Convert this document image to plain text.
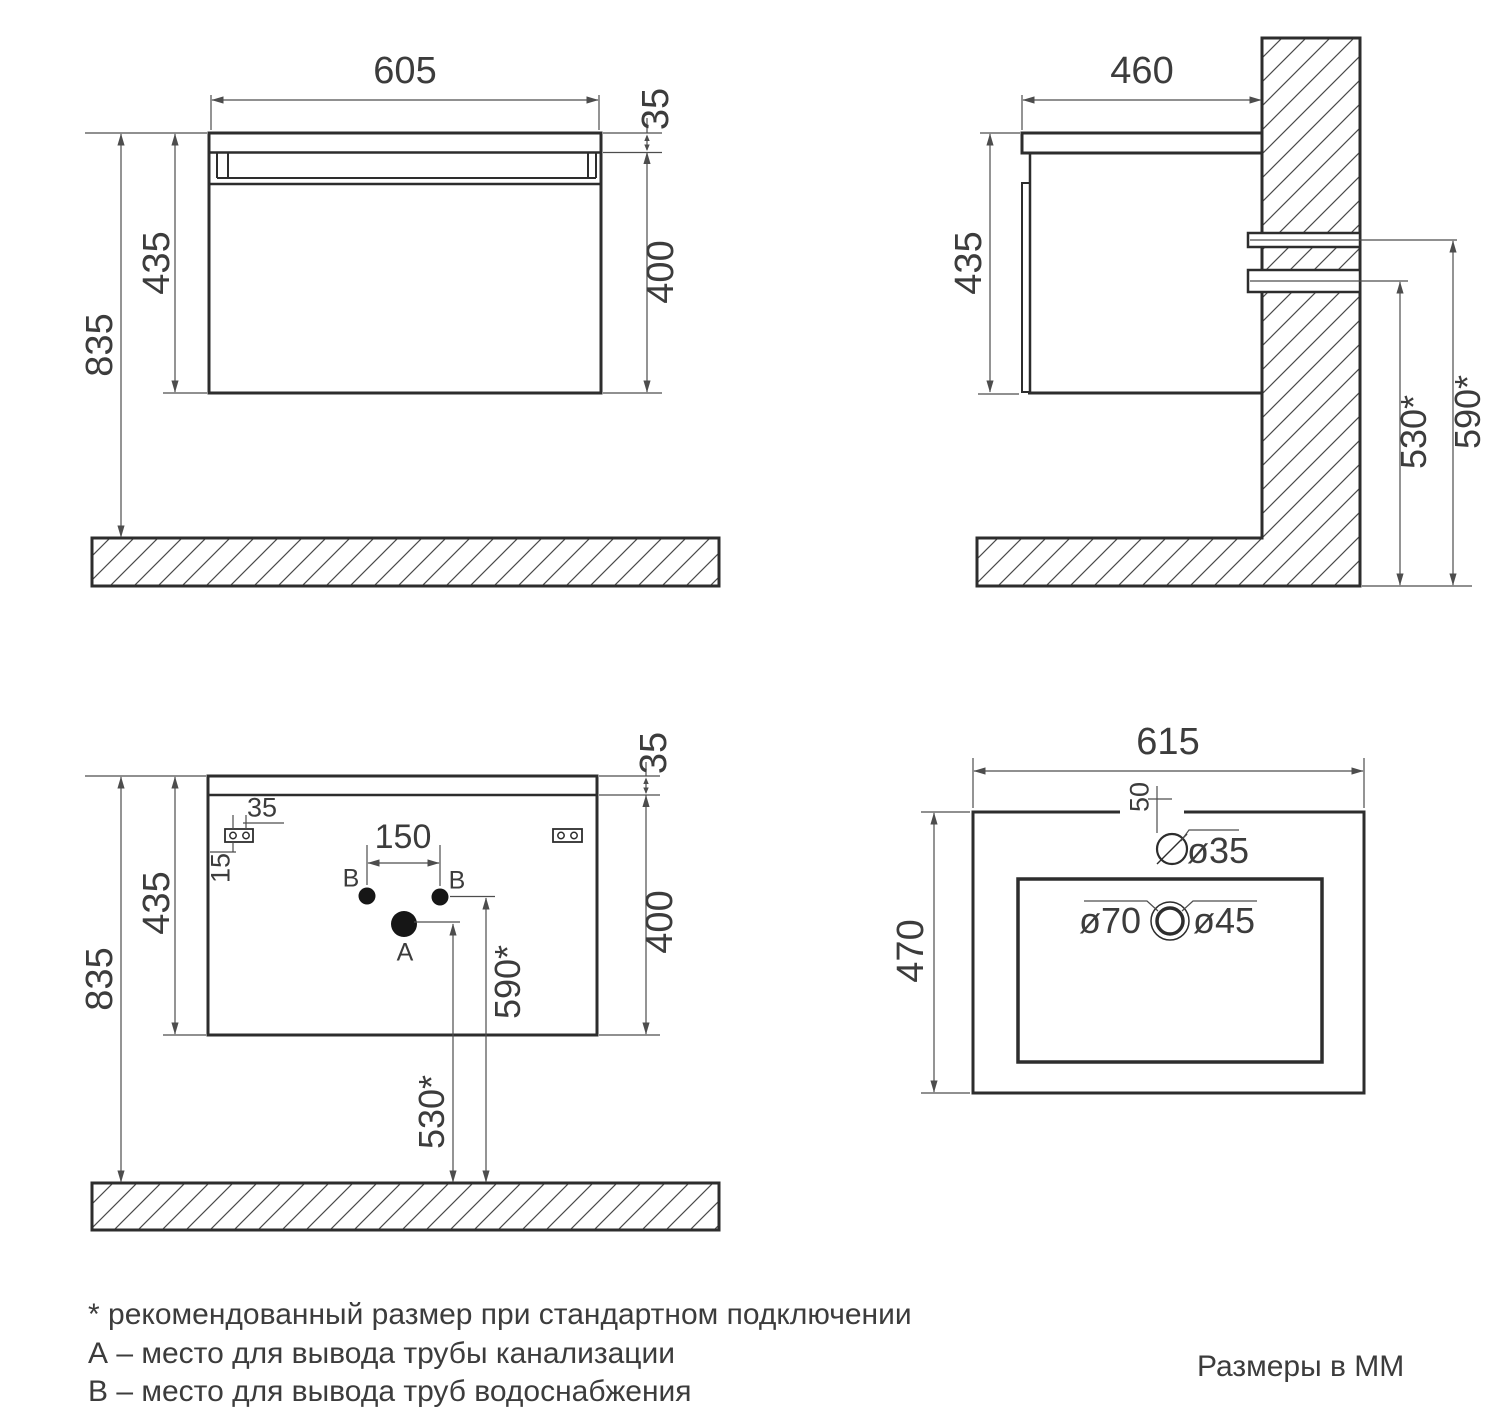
605
835
435
35
400
460
435
590*
530*
35
400
435
835
150
35
15	В	В
А 590*
530*
615
470
50
ø35
ø70 ø45
* рекомендованный размер при стандартном подключении
А – место для вывода трубы канализации
В – место для вывода труб водоснабжения
Размеры в ММ
